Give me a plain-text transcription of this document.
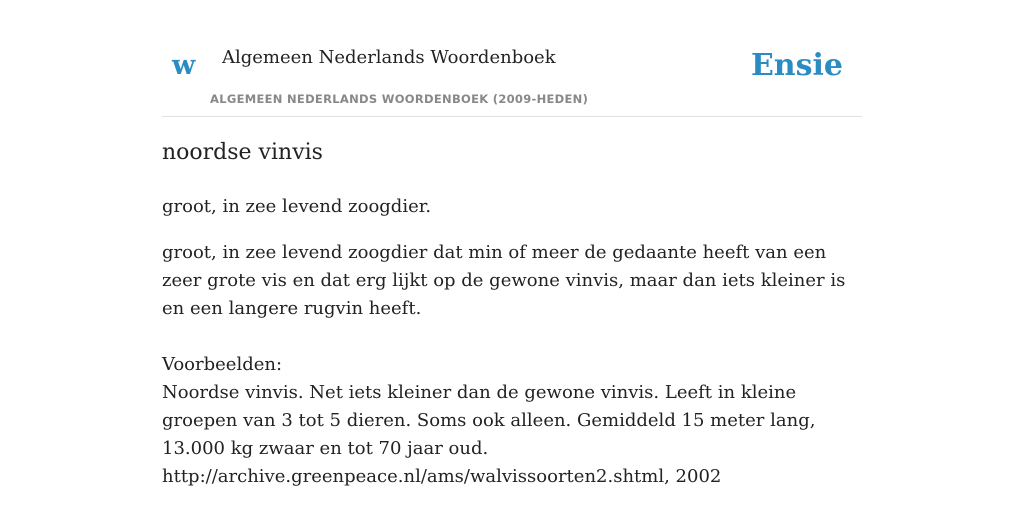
w Algemeen Nederlands Woordenboek
ALGEMEEN NEDERLANDS WOORDENBOEK (2009-HEDEN)
Ensie
noordse vinvis
groot, in zee levend zoogdier.

groot, in zee levend zoogdier dat min of meer de gedaante heeft van een zeer grote vis en dat erg lijkt op de gewone vinvis, maar dan iets kleiner is en een langere rugvin heeft.

Voorbeelden:

Noordse vinvis. Net iets kleiner dan de gewone vinvis. Leeft in kleine groepen van 3 tot 5 dieren. Soms ook alleen. Gemiddeld 15 meter lang, 13.000 kg zwaar en tot 70 jaar oud.

http://archive.greenpeace.nl/ams/walvissoorten2.shtml, 2002
